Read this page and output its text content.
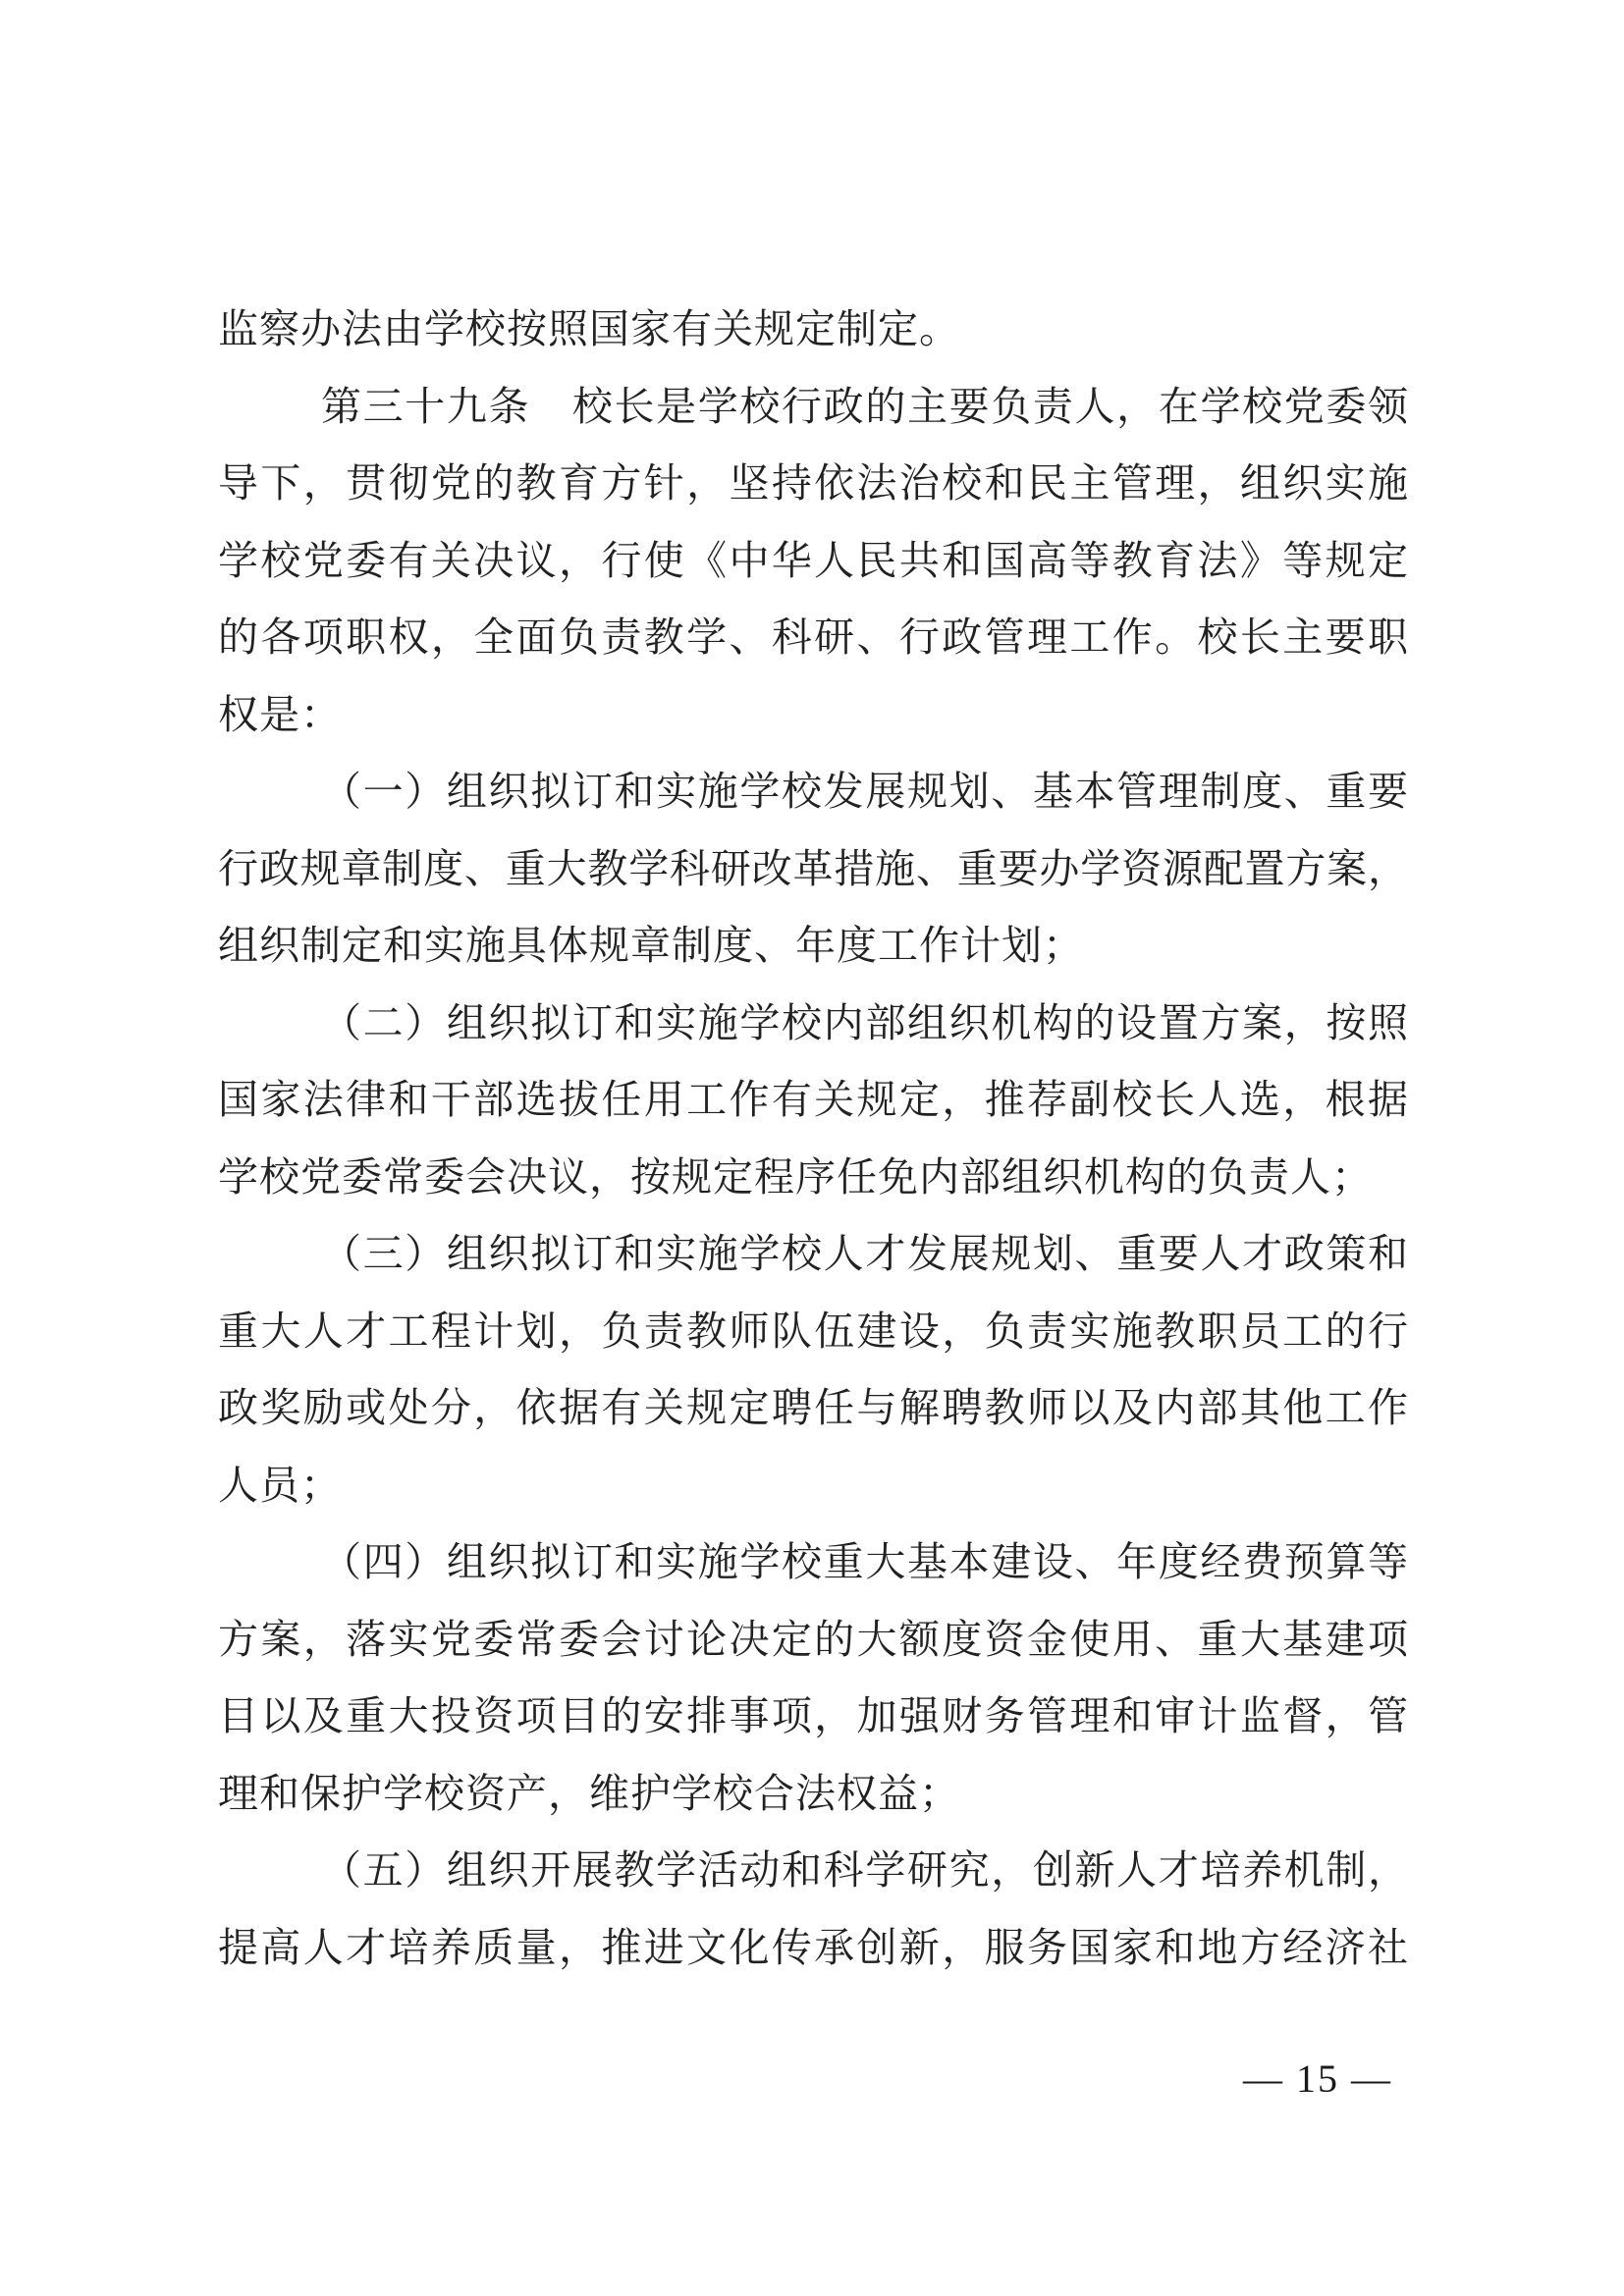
监察办法由学校按照国家有关规定制定。
第三十九条　校长是学校行政的主要负责人，在学校党委领
导下，贯彻党的教育方针，坚持依法治校和民主管理，组织实施
学校党委有关决议，行使《中华人民共和国高等教育法》等规定
的各项职权，全面负责教学、科研、行政管理工作。校长主要职
权是：
（一）组织拟订和实施学校发展规划、基本管理制度、重要
行政规章制度、重大教学科研改革措施、重要办学资源配置方案，
组织制定和实施具体规章制度、年度工作计划；
（二）组织拟订和实施学校内部组织机构的设置方案，按照
国家法律和干部选拔任用工作有关规定，推荐副校长人选，根据
学校党委常委会决议，按规定程序任免内部组织机构的负责人；
（三）组织拟订和实施学校人才发展规划、重要人才政策和
重大人才工程计划，负责教师队伍建设，负责实施教职员工的行
政奖励或处分，依据有关规定聘任与解聘教师以及内部其他工作
人员；
（四）组织拟订和实施学校重大基本建设、年度经费预算等
方案，落实党委常委会讨论决定的大额度资金使用、重大基建项
目以及重大投资项目的安排事项，加强财务管理和审计监督，管
理和保护学校资产，维护学校合法权益；
（五）组织开展教学活动和科学研究，创新人才培养机制，
提高人才培养质量，推进文化传承创新，服务国家和地方经济社
— 15 —
